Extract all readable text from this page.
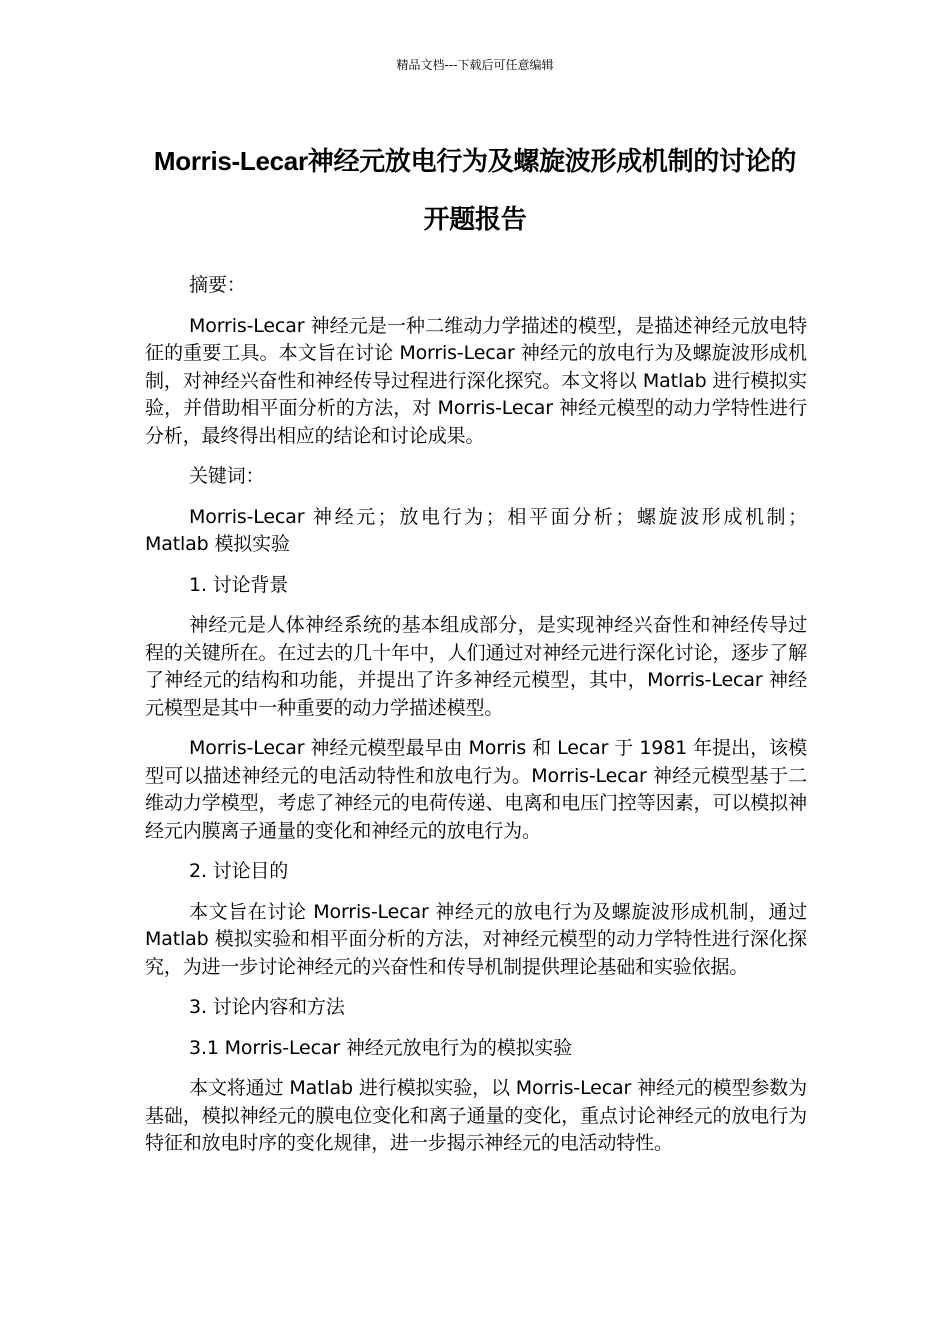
精品文档---下载后可任意编辑
Morris-Lecar神经元放电行为及螺旋波形成机制的讨论的开题报告

摘要：

Morris-Lecar 神经元是一种二维动力学描述的模型，是描述神经元放电特征的重要工具。本文旨在讨论 Morris-Lecar 神经元的放电行为及螺旋波形成机制，对神经兴奋性和神经传导过程进行深化探究。本文将以 Matlab 进行模拟实验，并借助相平面分析的方法，对 Morris-Lecar 神经元模型的动力学特性进行分析，最终得出相应的结论和讨论成果。

关键词：

Morris-Lecar 神经元；放电行为；相平面分析；螺旋波形成机制；Matlab 模拟实验

1. 讨论背景

神经元是人体神经系统的基本组成部分，是实现神经兴奋性和神经传导过程的关键所在。在过去的几十年中，人们通过对神经元进行深化讨论，逐步了解了神经元的结构和功能，并提出了许多神经元模型，其中，Morris-Lecar 神经元模型是其中一种重要的动力学描述模型。

Morris-Lecar 神经元模型最早由 Morris 和 Lecar 于 1981 年提出，该模型可以描述神经元的电活动特性和放电行为。Morris-Lecar 神经元模型基于二维动力学模型，考虑了神经元的电荷传递、电离和电压门控等因素，可以模拟神经元内膜离子通量的变化和神经元的放电行为。

2. 讨论目的

本文旨在讨论 Morris-Lecar 神经元的放电行为及螺旋波形成机制，通过 Matlab 模拟实验和相平面分析的方法，对神经元模型的动力学特性进行深化探究，为进一步讨论神经元的兴奋性和传导机制提供理论基础和实验依据。

3. 讨论内容和方法

3.1 Morris-Lecar 神经元放电行为的模拟实验

本文将通过 Matlab 进行模拟实验，以 Morris-Lecar 神经元的模型参数为基础，模拟神经元的膜电位变化和离子通量的变化，重点讨论神经元的放电行为特征和放电时序的变化规律，进一步揭示神经元的电活动特性。
